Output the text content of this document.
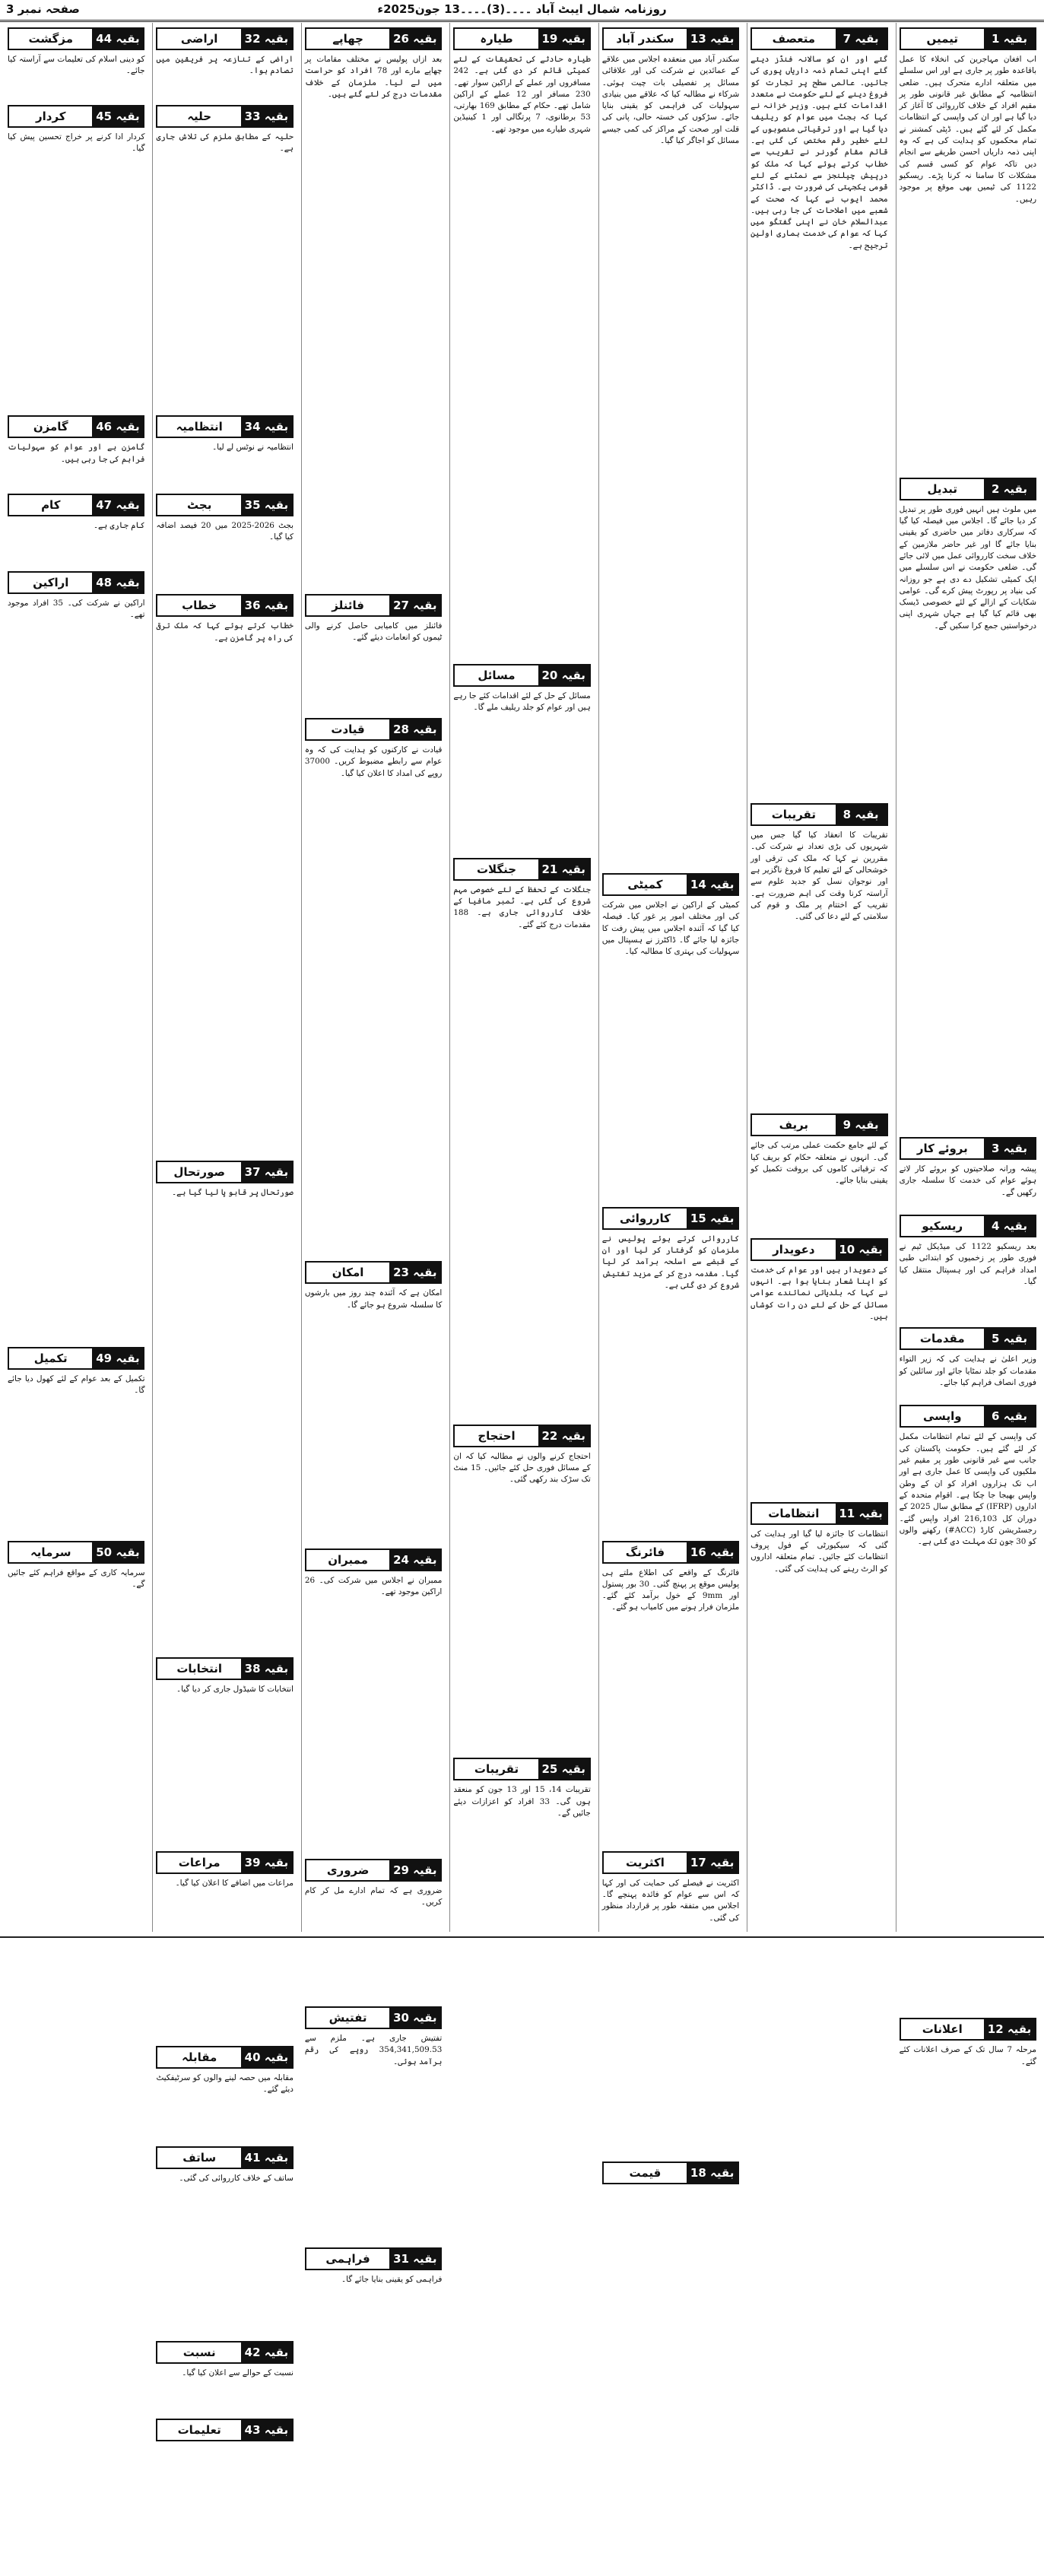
روزنامہ شمال ایبٹ آباد ۔۔۔۔(3)۔۔۔۔13 جون2025ء
صفحہ نمبر 3
تیمیں	بقیہ 1

اب افغان مہاجرین کی انخلاء کا عمل باقاعدہ طور پر جاری ہے اور اس سلسلے میں متعلقہ ادارے متحرک ہیں۔ ضلعی انتظامیہ کے مطابق غیر قانونی طور پر مقیم افراد کے خلاف کارروائی کا آغاز کر دیا گیا ہے اور ان کی واپسی کے انتظامات مکمل کر لئے گئے ہیں۔ ڈپٹی کمشنر نے تمام محکموں کو ہدایت کی ہے کہ وہ اپنی ذمہ داریاں احسن طریقے سے انجام دیں تاکہ عوام کو کسی قسم کی مشکلات کا سامنا نہ کرنا پڑے۔ ریسکیو 1122 کی ٹیمیں بھی موقع پر موجود رہیں۔

تبدیل	بقیہ 2

میں ملوث ہیں انہیں فوری طور پر تبدیل کر دیا جائے گا۔ اجلاس میں فیصلہ کیا گیا کہ سرکاری دفاتر میں حاضری کو یقینی بنایا جائے گا اور غیر حاضر ملازمین کے خلاف سخت کارروائی عمل میں لائی جائے گی۔ ضلعی حکومت نے اس سلسلے میں ایک کمیٹی تشکیل دے دی ہے جو روزانہ کی بنیاد پر رپورٹ پیش کرے گی۔ عوامی شکایات کے ازالے کے لئے خصوصی ڈیسک بھی قائم کیا گیا ہے جہاں شہری اپنی درخواستیں جمع کرا سکیں گے۔

بروئے کار	بقیہ 3

پیشہ ورانہ صلاحیتوں کو بروئے کار لاتے ہوئے عوام کی خدمت کا سلسلہ جاری رکھیں گے۔

ریسکیو	بقیہ 4

بعد ریسکیو 1122 کی میڈیکل ٹیم نے فوری طور پر زخمیوں کو ابتدائی طبی امداد فراہم کی اور ہسپتال منتقل کیا گیا۔

مقدمات	بقیہ 5

وزیر اعلیٰ نے ہدایت کی کہ زیر التواء مقدمات کو جلد نمٹایا جائے اور سائلین کو فوری انصاف فراہم کیا جائے۔

واپسی	بقیہ 6

کی واپسی کے لئے تمام انتظامات مکمل کر لئے گئے ہیں۔ حکومت پاکستان کی جانب سے غیر قانونی طور پر مقیم غیر ملکیوں کی واپسی کا عمل جاری ہے اور اب تک ہزاروں افراد کو ان کے وطن واپس بھیجا جا چکا ہے۔ اقوام متحدہ کے اداروں (IFRP) کے مطابق سال 2025 کے دوران کل 216,103 افراد واپس گئے۔ رجسٹریشن کارڈ (ACC#) رکھنے والوں کو 30 جون تک مہلت دی گئی ہے۔

اعلانات	بقیہ 12

مرحلہ 7 سال تک کے صرف اعلانات کئے گئے۔

متعصف	بقیہ 7

گئے اور ان کو سالانہ فنڈز دیئے گئے اپنی تمام ذمہ داریاں پوری کی جائیں۔ عالمی سطح پر تجارت کو فروغ دینے کے لئے حکومت نے متعدد اقدامات کئے ہیں۔ وزیر خزانہ نے کہا کہ بجٹ میں عوام کو ریلیف دیا گیا ہے اور ترقیاتی منصوبوں کے لئے خطیر رقم مختص کی گئی ہے۔ قائم مقام گورنر نے تقریب سے خطاب کرتے ہوئے کہا کہ ملک کو درپیش چیلنجز سے نمٹنے کے لئے قومی یکجہتی کی ضرورت ہے۔ ڈاکٹر محمد ایوب نے کہا کہ صحت کے شعبے میں اصلاحات کی جا رہی ہیں۔ عبدالسلام خان نے اپنی گفتگو میں کہا کہ عوام کی خدمت ہماری اولین ترجیح ہے۔

تقریبات	بقیہ 8

تقریبات کا انعقاد کیا گیا جس میں شہریوں کی بڑی تعداد نے شرکت کی۔ مقررین نے کہا کہ ملک کی ترقی اور خوشحالی کے لئے تعلیم کا فروغ ناگزیر ہے اور نوجوان نسل کو جدید علوم سے آراستہ کرنا وقت کی اہم ضرورت ہے۔ تقریب کے اختتام پر ملک و قوم کی سلامتی کے لئے دعا کی گئی۔

بریف	بقیہ 9

کے لئے جامع حکمت عملی مرتب کی جائے گی۔ انہوں نے متعلقہ حکام کو بریف کیا کہ ترقیاتی کاموں کی بروقت تکمیل کو یقینی بنایا جائے۔

دعویدار	بقیہ 10

کے دعویدار ہیں اور عوام کی خدمت کو اپنا شعار بنایا ہوا ہے۔ انہوں نے کہا کہ بلدیاتی نمائندے عوامی مسائل کے حل کے لئے دن رات کوشاں ہیں۔

انتظامات	بقیہ 11

انتظامات کا جائزہ لیا گیا اور ہدایت کی گئی کہ سیکیورٹی کے فول پروف انتظامات کئے جائیں۔ تمام متعلقہ اداروں کو الرٹ رہنے کی ہدایت کی گئی۔

سکندر آباد	بقیہ 13

سکندر آباد میں منعقدہ اجلاس میں علاقے کے عمائدین نے شرکت کی اور علاقائی مسائل پر تفصیلی بات چیت ہوئی۔ شرکاء نے مطالبہ کیا کہ علاقے میں بنیادی سہولیات کی فراہمی کو یقینی بنایا جائے۔ سڑکوں کی خستہ حالی، پانی کی قلت اور صحت کے مراکز کی کمی جیسے مسائل کو اجاگر کیا گیا۔

کمیٹی	بقیہ 14

کمیٹی کے اراکین نے اجلاس میں شرکت کی اور مختلف امور پر غور کیا۔ فیصلہ کیا گیا کہ آئندہ اجلاس میں پیش رفت کا جائزہ لیا جائے گا۔ ڈاکٹرز نے ہسپتال میں سہولیات کی بہتری کا مطالبہ کیا۔

کارروائی	بقیہ 15

کارروائی کرتے ہوئے پولیس نے ملزمان کو گرفتار کر لیا اور ان کے قبضے سے اسلحہ برآمد کر لیا گیا۔ مقدمہ درج کر کے مزید تفتیش شروع کر دی گئی ہے۔

فائرنگ	بقیہ 16

فائرنگ کے واقعے کی اطلاع ملتے ہی پولیس موقع پر پہنچ گئی۔ 30 بور پستول اور 9mm کے خول برآمد کئے گئے۔ ملزمان فرار ہونے میں کامیاب ہو گئے۔

اکثریت	بقیہ 17

اکثریت نے فیصلے کی حمایت کی اور کہا کہ اس سے عوام کو فائدہ پہنچے گا۔ اجلاس میں متفقہ طور پر قرارداد منظور کی گئی۔

قیمت	بقیہ 18
طیارہ	بقیہ 19

طیارہ حادثے کی تحقیقات کے لئے کمیٹی قائم کر دی گئی ہے۔ 242 مسافروں اور عملے کے اراکین سوار تھے۔ 230 مسافر اور 12 عملے کے اراکین شامل تھے۔ حکام کے مطابق 169 بھارتی، 53 برطانوی، 7 پرتگالی اور 1 کینیڈین شہری طیارے میں موجود تھے۔

مسائل	بقیہ 20

مسائل کے حل کے لئے اقدامات کئے جا رہے ہیں اور عوام کو جلد ریلیف ملے گا۔

جنگلات	بقیہ 21

جنگلات کے تحفظ کے لئے خصوصی مہم شروع کی گئی ہے۔ ٹمبر مافیا کے خلاف کارروائی جاری ہے۔ 188 مقدمات درج کئے گئے۔

احتجاج	بقیہ 22

احتجاج کرنے والوں نے مطالبہ کیا کہ ان کے مسائل فوری حل کئے جائیں۔ 15 منٹ تک سڑک بند رکھی گئی۔

تقریبات	بقیہ 25

تقریبات 14، 15 اور 13 جون کو منعقد ہوں گی۔ 33 افراد کو اعزازات دیئے جائیں گے۔

چھاپے	بقیہ 26

بعد ازاں پولیس نے مختلف مقامات پر چھاپے مارے اور 78 افراد کو حراست میں لے لیا۔ ملزمان کے خلاف مقدمات درج کر لئے گئے ہیں۔

فائنلز	بقیہ 27

فائنلز میں کامیابی حاصل کرنے والی ٹیموں کو انعامات دیئے گئے۔

قیادت	بقیہ 28

قیادت نے کارکنوں کو ہدایت کی کہ وہ عوام سے رابطے مضبوط کریں۔ 37000 روپے کی امداد کا اعلان کیا گیا۔

امکان	بقیہ 23

امکان ہے کہ آئندہ چند روز میں بارشوں کا سلسلہ شروع ہو جائے گا۔

ممبران	بقیہ 24

ممبران نے اجلاس میں شرکت کی۔ 26 اراکین موجود تھے۔

ضروری	بقیہ 29

ضروری ہے کہ تمام ادارے مل کر کام کریں۔

تفتیش	بقیہ 30

تفتیش جاری ہے۔ ملزم سے 354,341,509.53 روپے کی رقم برآمد ہوئی۔

فراہمی	بقیہ 31

فراہمی کو یقینی بنایا جائے گا۔

اراضی	بقیہ 32

اراضی کے تنازعہ پر فریقین میں تصادم ہوا۔

حلیہ	بقیہ 33

حلیہ کے مطابق ملزم کی تلاش جاری ہے۔

انتظامیہ	بقیہ 34

انتظامیہ نے نوٹس لے لیا۔

بجٹ	بقیہ 35

بجٹ 2026-2025 میں 20 فیصد اضافہ کیا گیا۔

خطاب	بقیہ 36

خطاب کرتے ہوئے کہا کہ ملک ترقی کی راہ پر گامزن ہے۔

صورتحال	بقیہ 37

صورتحال پر قابو پا لیا گیا ہے۔

انتخابات	بقیہ 38

انتخابات کا شیڈول جاری کر دیا گیا۔

مراعات	بقیہ 39

مراعات میں اضافے کا اعلان کیا گیا۔

مقابلہ	بقیہ 40

مقابلہ میں حصہ لینے والوں کو سرٹیفکیٹ دیئے گئے۔

ساتف	بقیہ 41

ساتف کے خلاف کارروائی کی گئی۔

نسبت	بقیہ 42

نسبت کے حوالے سے اعلان کیا گیا۔

تعلیمات	بقیہ 43
مزگشت	بقیہ 44

کو دینی اسلام کی تعلیمات سے آراستہ کیا جائے۔

کردار	بقیہ 45

کردار ادا کرنے پر خراج تحسین پیش کیا گیا۔

گامزن	بقیہ 46

گامزن ہے اور عوام کو سہولیات فراہم کی جا رہی ہیں۔

کام	بقیہ 47

کام جاری ہے۔

اراکین	بقیہ 48

اراکین نے شرکت کی۔ 35 افراد موجود تھے۔

تکمیل	بقیہ 49

تکمیل کے بعد عوام کے لئے کھول دیا جائے گا۔

سرمایہ	بقیہ 50

سرمایہ کاری کے مواقع فراہم کئے جائیں گے۔
